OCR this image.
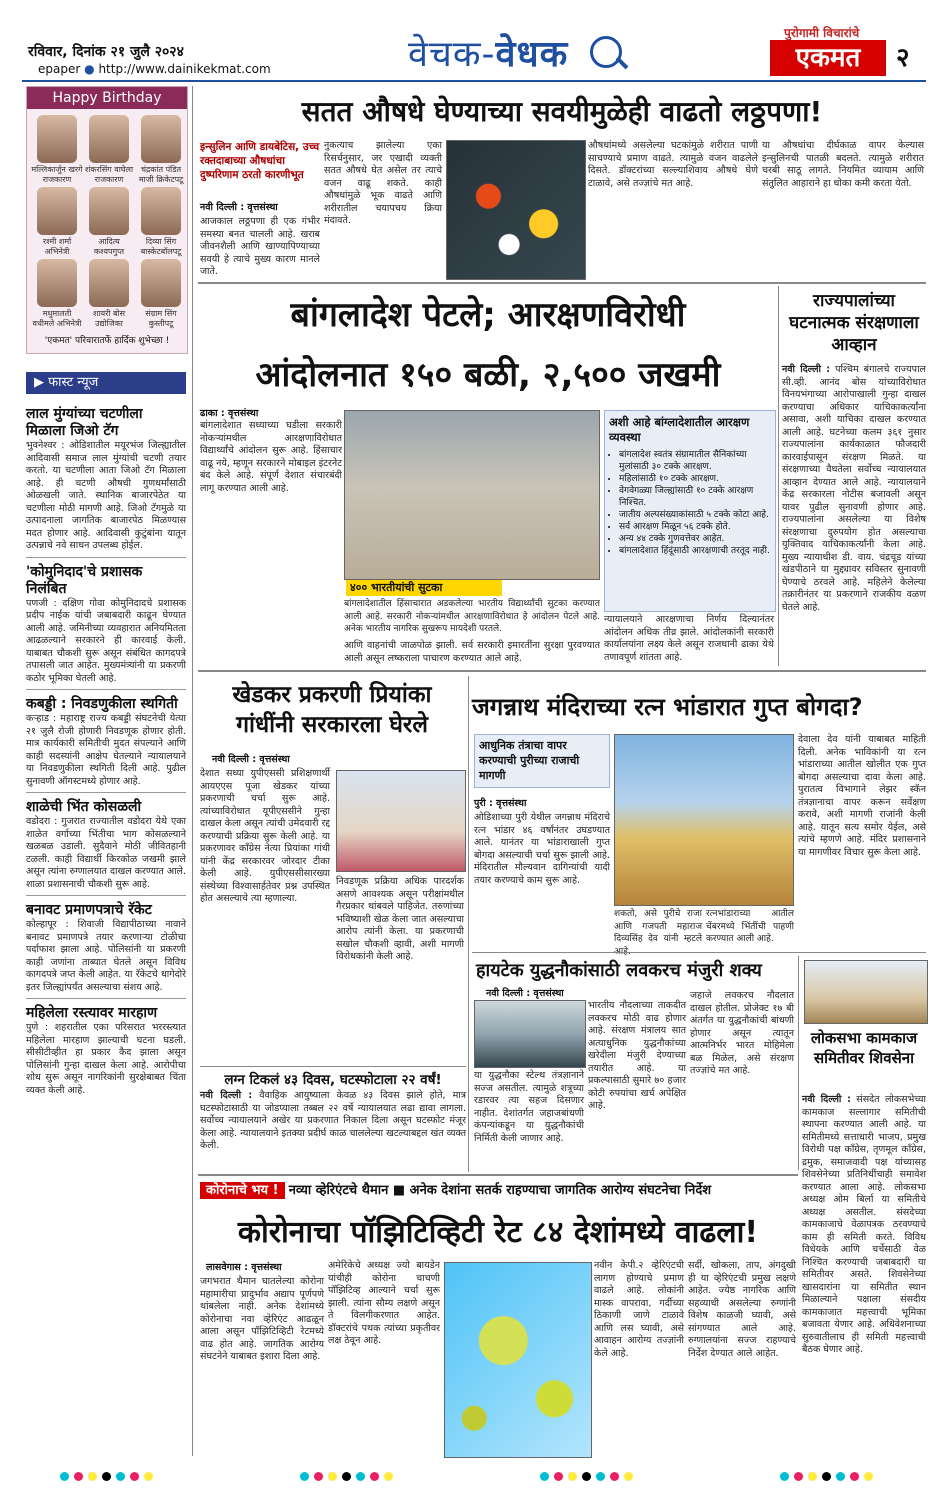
रविवार, दिनांक २१ जुलै २०२४
epaper ● http://www.dainikekmat.com	वेचक-वेधक
पुरोगामी विचारांचे
एकमत	२
Happy Birthday
मल्लिकार्जुन खरगे
राजकारण
शंकरसिंग वाघेला
राजकारण
चंद्रकांत पंडित
माजी क्रिकेटपटू
रश्मी शर्मा
अभिनेत्री
आदित्य कश्यपगुप्त

दिव्या सिंग
बास्केटबॉलपटू
मधुमालती
वधीमले अभिनेत्री
शायरी बोस
उद्योजिका
संग्राम सिंग
कुस्तीपटू
'एकमत' परिवारातर्फे हार्दिक शुभेच्छा !
▶ फास्ट न्यूज
लाल मुंग्यांच्या चटणीला मिळाला जिओ टॅग
भुवनेश्वर : ओडिशातील मयूरभंज जिल्ह्यातील आदिवासी समाज लाल मुंग्यांची चटणी तयार करतो. या चटणीला आता जिओ टॅग मिळाला आहे. ही चटणी औषधी गुणधर्मांसाठी ओळखली जाते. स्थानिक बाजारपेठेत या चटणीला मोठी मागणी आहे. जिओ टॅगमुळे या उत्पादनाला जागतिक बाजारपेठ मिळण्यास मदत होणार आहे. आदिवासी कुटुंबांना यातून उत्पन्नाचे नवे साधन उपलब्ध होईल.
'कोमुनिदाद'चे प्रशासक निलंबित
पणजी : दक्षिण गोवा कोमुनिदादचे प्रशासक प्रदीप नाईक यांची जबाबदारी काढून घेण्यात आली आहे. जमिनीच्या व्यवहारात अनियमितता आढळल्याने सरकारने ही कारवाई केली. याबाबत चौकशी सुरू असून संबंधित कागदपत्रे तपासली जात आहेत. मुख्यमंत्र्यांनी या प्रकरणी कठोर भूमिका घेतली आहे.
कबड्डी : निवडणुकीला स्थगिती
कऱ्हाड : महाराष्ट्र राज्य कबड्डी संघटनेची येत्या २१ जुलै रोजी होणारी निवडणूक होणार होती. मात्र कार्यकारी समितीची मुदत संपल्याने आणि काही सदस्यांनी आक्षेप घेतल्याने न्यायालयाने या निवडणुकीला स्थगिती दिली आहे. पुढील सुनावणी ऑगस्टमध्ये होणार आहे.
शाळेची भिंत कोसळली
वडोदरा : गुजरात राज्यातील वडोदरा येथे एका शाळेत वर्गाच्या भिंतीचा भाग कोसळल्याने खळबळ उडाली. सुदैवाने मोठी जीवितहानी टळली. काही विद्यार्थी किरकोळ जखमी झाले असून त्यांना रुग्णालयात दाखल करण्यात आले. शाळा प्रशासनाची चौकशी सुरू आहे.
बनावट प्रमाणपत्राचे रॅकेट
कोल्हापूर : शिवाजी विद्यापीठाच्या नावाने बनावट प्रमाणपत्रे तयार करणाऱ्या टोळीचा पर्दाफाश झाला आहे. पोलिसांनी या प्रकरणी काही जणांना ताब्यात घेतले असून विविध कागदपत्रे जप्त केली आहेत. या रॅकेटचे धागेदोरे इतर जिल्ह्यांपर्यंत असल्याचा संशय आहे.
महिलेला रस्त्यावर मारहाण
पुणे : शहरातील एका परिसरात भररस्त्यात महिलेला मारहाण झाल्याची घटना घडली. सीसीटीव्हीत हा प्रकार कैद झाला असून पोलिसांनी गुन्हा दाखल केला आहे. आरोपीचा शोध सुरू असून नागरिकांनी सुरक्षेबाबत चिंता व्यक्त केली आहे.
सतत औषधे घेण्याच्या सवयीमुळेही वाढतो लठ्ठपणा!
इन्सुलिन आणि डायबेटिस, उच्च रक्तदाबाच्या औषधांचा दुष्परिणाम ठरतो कारणीभूत
नवी दिल्ली : वृत्तसंस्था
आजकाल लठ्ठपणा ही एक गंभीर समस्या बनत चालली आहे. खराब जीवनशैली आणि खाण्यापिण्याच्या सवयी हे त्याचे मुख्य कारण मानले जाते.
नुकत्याच झालेल्या एका रिसर्चनुसार, जर एखादी व्यक्ती सतत औषधे घेत असेल तर त्याचे वजन वाढू शकते. काही औषधांमुळे भूक वाढते आणि शरीरातील चयापचय क्रिया मंदावते.
औषधांमध्ये असलेल्या घटकांमुळे शरीरात पाणी साचण्याचे प्रमाण वाढते. त्यामुळे वजन वाढलेले दिसते. डॉक्टरांच्या सल्ल्याशिवाय औषधे घेणे टाळावे, असे तज्ज्ञांचे मत आहे.
या औषधांचा दीर्घकाळ वापर केल्यास इन्सुलिनची पातळी बदलते. त्यामुळे शरीरात चरबी साठू लागते. नियमित व्यायाम आणि संतुलित आहाराने हा धोका कमी करता येतो.
बांगलादेश पेटले; आरक्षणविरोधी
आंदोलनात १५० बळी, २,५०० जखमी
ढाका : वृत्तसंस्था
बांगलादेशात सध्याच्या घडीला सरकारी नोकऱ्यांमधील आरक्षणाविरोधात विद्यार्थ्यांचे आंदोलन सुरू आहे. हिंसाचार वाढू नये, म्हणून सरकारने मोबाइल इंटरनेट बंद केले आहे. संपूर्ण देशात संचारबंदी लागू करण्यात आली आहे.
४०० भारतीयांची सुटका
बांगलादेशातील हिंसाचारात अडकलेल्या भारतीय विद्यार्थ्यांची सुटका करण्यात आली आहे. सरकारी नोकऱ्यांमधील आरक्षणाविरोधात हे आंदोलन पेटले आहे. अनेक भारतीय नागरिक सुखरूप मायदेशी परतले.
आणि वाहनांची जाळपोळ झाली. सर्व सरकारी इमारतींना सुरक्षा पुरवण्यात आली असून लष्कराला पाचारण करण्यात आले आहे.
अशी आहे बांग्लादेशातील आरक्षण व्यवस्था
• बांगलादेश स्वतंत्र संग्रामातील सैनिकांच्या मुलांसाठी ३० टक्के आरक्षण.
• महिलांसाठी १० टक्के आरक्षण.
• वेगवेगळ्या जिल्ह्यांसाठी १० टक्के आरक्षण निश्चित.
• जातीय अल्पसंख्याकांसाठी ५ टक्के कोटा आहे.
• सर्व आरक्षण मिळून ५६ टक्के होते.
• अन्य ४४ टक्के गुणवत्तेवर आहेत.
• बांगलादेशात हिंदूंसाठी आरक्षणाची तरतूद नाही.
न्यायालयाने आरक्षणाचा निर्णय दिल्यानंतर आंदोलन अधिक तीव्र झाले. आंदोलकांनी सरकारी कार्यालयांना लक्ष्य केले असून राजधानी ढाका येथे तणावपूर्ण शांतता आहे.
राज्यपालांच्या घटनात्मक संरक्षणाला आव्हान
नवी दिल्ली : पश्चिम बंगालचे राज्यपाल सी.व्ही. आनंद बोस यांच्याविरोधात विनयभंगाच्या आरोपाखाली गुन्हा दाखल करण्याचा अधिकार याचिकाकर्त्यांना असावा, अशी याचिका दाखल करण्यात आली आहे. घटनेच्या कलम ३६१ नुसार राज्यपालांना कार्यकाळात फौजदारी कारवाईपासून संरक्षण मिळते. या संरक्षणाच्या वैधतेला सर्वोच्च न्यायालयात आव्हान देण्यात आले आहे. न्यायालयाने केंद्र सरकारला नोटीस बजावली असून यावर पुढील सुनावणी होणार आहे. राज्यपालांना असलेल्या या विशेष संरक्षणाचा दुरुपयोग होत असल्याचा युक्तिवाद याचिकाकर्त्यांनी केला आहे. मुख्य न्यायाधीश डी. वाय. चंद्रचूड यांच्या खंडपीठाने या मुद्द्यावर सविस्तर सुनावणी घेण्याचे ठरवले आहे. महिलेने केलेल्या तक्रारीनंतर या प्रकरणाने राजकीय वळण घेतले आहे.
खेडकर प्रकरणी प्रियांका गांधींनी सरकारला घेरले
नवी दिल्ली : वृत्तसंस्था
देशात सध्या युपीएससी प्रशिक्षणार्थी आयएएस पूजा खेडकर यांच्या प्रकरणाची चर्चा सुरू आहे. त्यांच्याविरोधात यूपीएससीने गुन्हा दाखल केला असून त्यांची उमेदवारी रद्द करण्याची प्रक्रिया सुरू केली आहे. या प्रकरणावर काँग्रेस नेत्या प्रियांका गांधी यांनी केंद्र सरकारवर जोरदार टीका केली आहे. युपीएससीसारख्या संस्थेच्या विश्वासार्हतेवर प्रश्न उपस्थित होत असल्याचे त्या म्हणाल्या.
निवडणूक प्रक्रिया अधिक पारदर्शक असणे आवश्यक असून परीक्षांमधील गैरप्रकार थांबवले पाहिजेत. तरुणांच्या भविष्याशी खेळ केला जात असल्याचा आरोप त्यांनी केला. या प्रकरणाची सखोल चौकशी व्हावी, अशी मागणी विरोधकांनी केली आहे.
लग्न टिकलं ४३ दिवस, घटस्फोटाला २२ वर्षं!
नवी दिल्ली : वैवाहिक आयुष्याला केवळ ४३ दिवस झाले होते, मात्र घटस्फोटासाठी या जोडप्याला तब्बल २२ वर्षे न्यायालयात लढा द्यावा लागला. सर्वोच्च न्यायालयाने अखेर या प्रकरणात निकाल दिला असून घटस्फोट मंजूर केला आहे. न्यायालयाने इतक्या प्रदीर्घ काळ चाललेल्या खटल्याबद्दल खंत व्यक्त केली.
जगन्नाथ मंदिराच्या रत्न भांडारात गुप्त बोगदा?
आधुनिक तंत्राचा वापर करण्याची पुरीच्या राजाची मागणी
पुरी : वृत्तसंस्था
ओडिशाच्या पुरी येथील जगन्नाथ मंदिराचे रत्न भांडार ४६ वर्षांनंतर उघडण्यात आले. यानंतर या भांडाराखाली गुप्त बोगदा असल्याची चर्चा सुरू झाली आहे. मंदिरातील मौल्यवान दागिन्यांची यादी तयार करण्याचे काम सुरू आहे.
शकतो, असे पुरीचे राजा आणि गजपती महाराज दिव्यसिंह देव यांनी म्हटले
रत्नभांडाराच्या आतील चेंबरमध्ये भिंतींची पाहणी करण्यात आली आहे.
देवाला देव यांनी याबाबत माहिती दिली. अनेक भाविकांनी या रत्न भांडाराच्या आतील खोलीत एक गुप्त बोगदा असल्याचा दावा केला आहे. पुरातत्व विभागाने लेझर स्कॅन तंत्रज्ञानाचा वापर करून सर्वेक्षण करावे, अशी मागणी राजांनी केली आहे. यातून सत्य समोर येईल, असे त्यांचे म्हणणे आहे. मंदिर प्रशासनाने या मागणीवर विचार सुरू केला आहे.
हायटेक युद्धनौकांसाठी लवकरच मंजुरी शक्य
नवी दिल्ली : वृत्तसंस्था
भारतीय नौदलाच्या ताकदीत लवकरच मोठी वाढ होणार आहे. संरक्षण मंत्रालय सात अत्याधुनिक युद्धनौकांच्या खरेदीला मंजुरी देण्याच्या तयारीत आहे. या प्रकल्पासाठी सुमारे ७० हजार कोटी रुपयांचा खर्च अपेक्षित आहे.
या युद्धनौका स्टेल्थ तंत्रज्ञानाने सज्ज असतील. त्यामुळे शत्रूच्या रडारवर त्या सहज दिसणार नाहीत. देशांतर्गत जहाजबांधणी कंपन्यांकडून या युद्धनौकांची निर्मिती केली जाणार आहे.
जहाजे लवकरच नौदलात दाखल होतील. प्रोजेक्ट १७ बी अंतर्गत या युद्धनौकांची बांधणी होणार असून त्यातून आत्मनिर्भर भारत मोहिमेला बळ मिळेल, असे संरक्षण तज्ज्ञांचे मत आहे.
लोकसभा कामकाज समितीवर शिवसेना
नवी दिल्ली : संसदेत लोकसभेच्या कामकाज सल्लागार समितीची स्थापना करण्यात आली आहे. या समितीमध्ये सत्ताधारी भाजप, प्रमुख विरोधी पक्ष काँग्रेस, तृणमूल काँग्रेस, द्रमुक, समाजवादी पक्ष यांच्यासह शिवसेनेच्या प्रतिनिधींचाही समावेश करण्यात आला आहे. लोकसभा अध्यक्ष ओम बिर्ला या समितीचे अध्यक्ष असतील. संसदेच्या कामकाजाचे वेळापत्रक ठरवण्याचे काम ही समिती करते. विविध विधेयके आणि चर्चेसाठी वेळ निश्चित करण्याची जबाबदारी या समितीवर असते. शिवसेनेच्या खासदारांना या समितीत स्थान मिळाल्याने पक्षाला संसदीय कामकाजात महत्त्वाची भूमिका बजावता येणार आहे. अधिवेशनाच्या सुरुवातीलाच ही समिती महत्त्वाची बैठक घेणार आहे.
कोरोनाचे भय ! नव्या व्हेरिएंटचे थैमान ■ अनेक देशांना सतर्क राहण्याचा जागतिक आरोग्य संघटनेचा निर्देश
कोरोनाचा पॉझिटिव्हिटी रेट ८४ देशांमध्ये वाढला!
लासवेगास : वृत्तसंस्था
जगभरात थैमान घातलेल्या कोरोना महामारीचा प्रादुर्भाव अद्याप पूर्णपणे थांबलेला नाही. अनेक देशांमध्ये कोरोनाचा नवा व्हेरिएंट आढळून आला असून पॉझिटिव्हिटी रेटमध्ये वाढ होत आहे. जागतिक आरोग्य संघटनेने याबाबत इशारा दिला आहे.
अमेरिकेचे अध्यक्ष ज्यो बायडेन यांचीही कोरोना चाचणी पॉझिटिव्ह आल्याने चर्चा सुरू झाली. त्यांना सौम्य लक्षणे असून ते विलगीकरणात आहेत. डॉक्टरांचे पथक त्यांच्या प्रकृतीवर लक्ष ठेवून आहे.
नवीन केपी.२ व्हेरिएंटची लागण होण्याचे प्रमाण वाढले आहे. लोकांनी मास्क वापरावा, गर्दीच्या ठिकाणी जाणे टाळावे आणि लस घ्यावी, असे आवाहन आरोग्य तज्ज्ञांनी केले आहे.
सर्दी, खोकला, ताप, अंगदुखी ही या व्हेरिएंटची प्रमुख लक्षणे आहेत. ज्येष्ठ नागरिक आणि सहव्याधी असलेल्या रुग्णांनी विशेष काळजी घ्यावी, असे सांगण्यात आले आहे. रुग्णालयांना सज्ज राहण्याचे निर्देश देण्यात आले आहेत.
